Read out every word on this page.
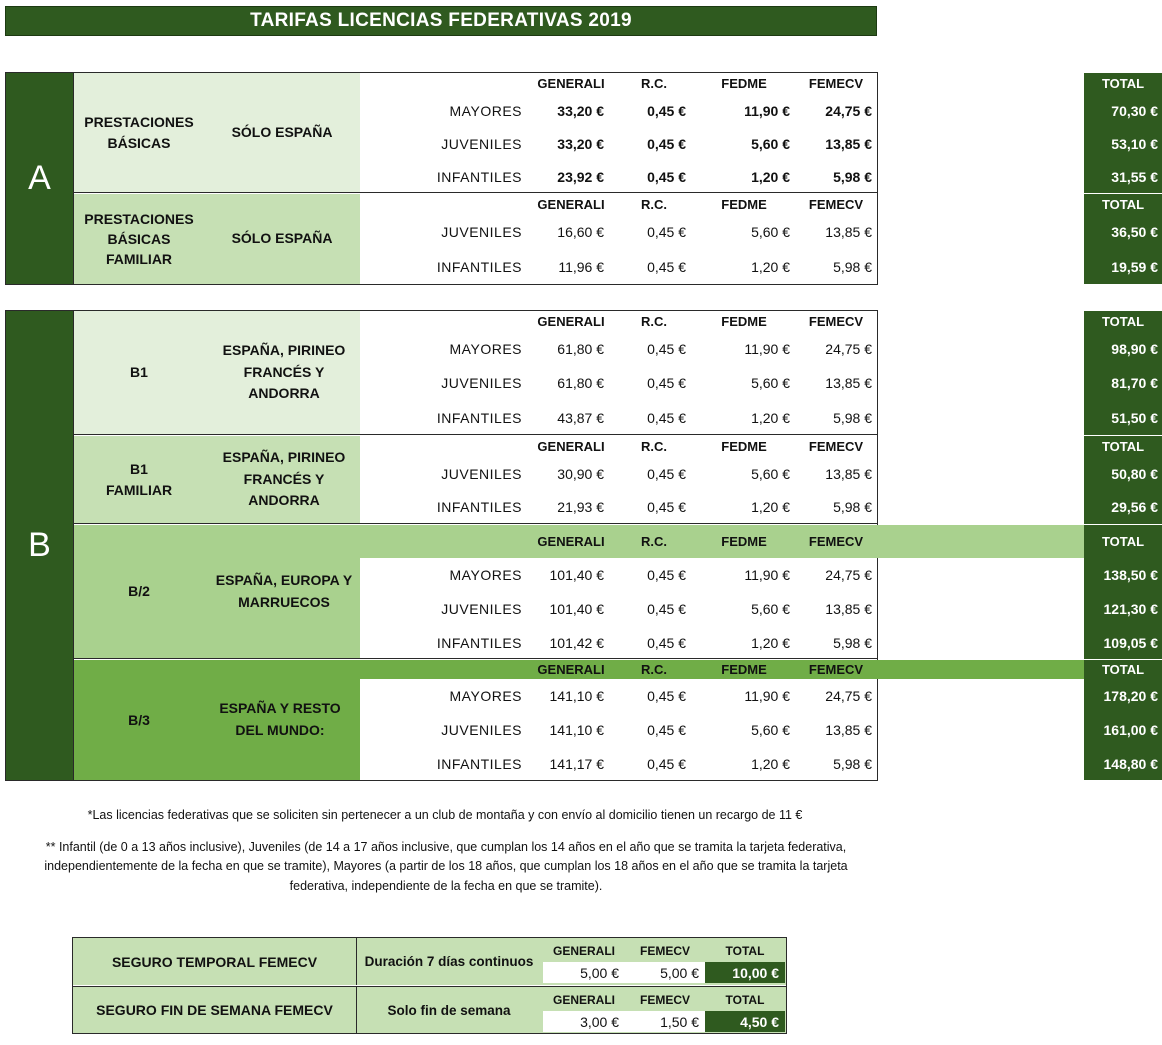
TARIFAS LICENCIAS FEDERATIVAS 2019
A
PRESTACIONES BÁSICAS
SÓLO ESPAÑA
GENERALI	R.C.	FEDME	FEMECV	TOTAL
MAYORES	33,20 €	0,45 €	11,90 €	24,75 €	70,30 €
JUVENILES	33,20 €	0,45 €	5,60 €	13,85 €	53,10 €
INFANTILES	23,92 €	0,45 €	1,20 €	5,98 €	31,55 €
PRESTACIONES BÁSICAS FAMILIAR
SÓLO ESPAÑA
GENERALI	R.C.	FEDME	FEMECV	TOTAL
JUVENILES	16,60 €	0,45 €	5,60 €	13,85 €	36,50 €
INFANTILES	11,96 €	0,45 €	1,20 €	5,98 €	19,59 €
B
B1
ESPAÑA, PIRINEO FRANCÉS Y ANDORRA
GENERALI	R.C.	FEDME	FEMECV	TOTAL
MAYORES	61,80 €	0,45 €	11,90 €	24,75 €	98,90 €
JUVENILES	61,80 €	0,45 €	5,60 €	13,85 €	81,70 €
INFANTILES	43,87 €	0,45 €	1,20 €	5,98 €	51,50 €
B1 FAMILIAR
ESPAÑA, PIRINEO FRANCÉS Y ANDORRA
GENERALI	R.C.	FEDME	FEMECV	TOTAL
JUVENILES	30,90 €	0,45 €	5,60 €	13,85 €	50,80 €
INFANTILES	21,93 €	0,45 €	1,20 €	5,98 €	29,56 €
B/2
ESPAÑA, EUROPA Y MARRUECOS
GENERALI	R.C.	FEDME	FEMECV	TOTAL
MAYORES	101,40 €	0,45 €	11,90 €	24,75 €	138,50 €
JUVENILES	101,40 €	0,45 €	5,60 €	13,85 €	121,30 €
INFANTILES	101,42 €	0,45 €	1,20 €	5,98 €	109,05 €
B/3
ESPAÑA Y RESTO DEL MUNDO:
GENERALI	R.C.	FEDME	FEMECV	TOTAL
MAYORES	141,10 €	0,45 €	11,90 €	24,75 €	178,20 €
JUVENILES	141,10 €	0,45 €	5,60 €	13,85 €	161,00 €
INFANTILES	141,17 €	0,45 €	1,20 €	5,98 €	148,80 €
*Las licencias federativas que se soliciten sin pertenecer a un club de montaña y con envío al domicilio tienen un recargo de 11 €
** Infantil (de 0 a 13 años inclusive), Juveniles (de 14 a 17 años inclusive, que cumplan los 14 años en el año que se tramita la tarjeta federativa, independientemente de la fecha en que se tramite), Mayores (a partir de los 18 años, que cumplan los 18 años en el año que se tramita la tarjeta federativa, independiente de la fecha en que se tramite).
SEGURO TEMPORAL FEMECV	Duración 7 días continuos
GENERALI	FEMECV	TOTAL
5,00 €	5,00 €	10,00 €
SEGURO FIN DE SEMANA FEMECV	Solo fin de semana
GENERALI	FEMECV	TOTAL
3,00 €	1,50 €	4,50 €
